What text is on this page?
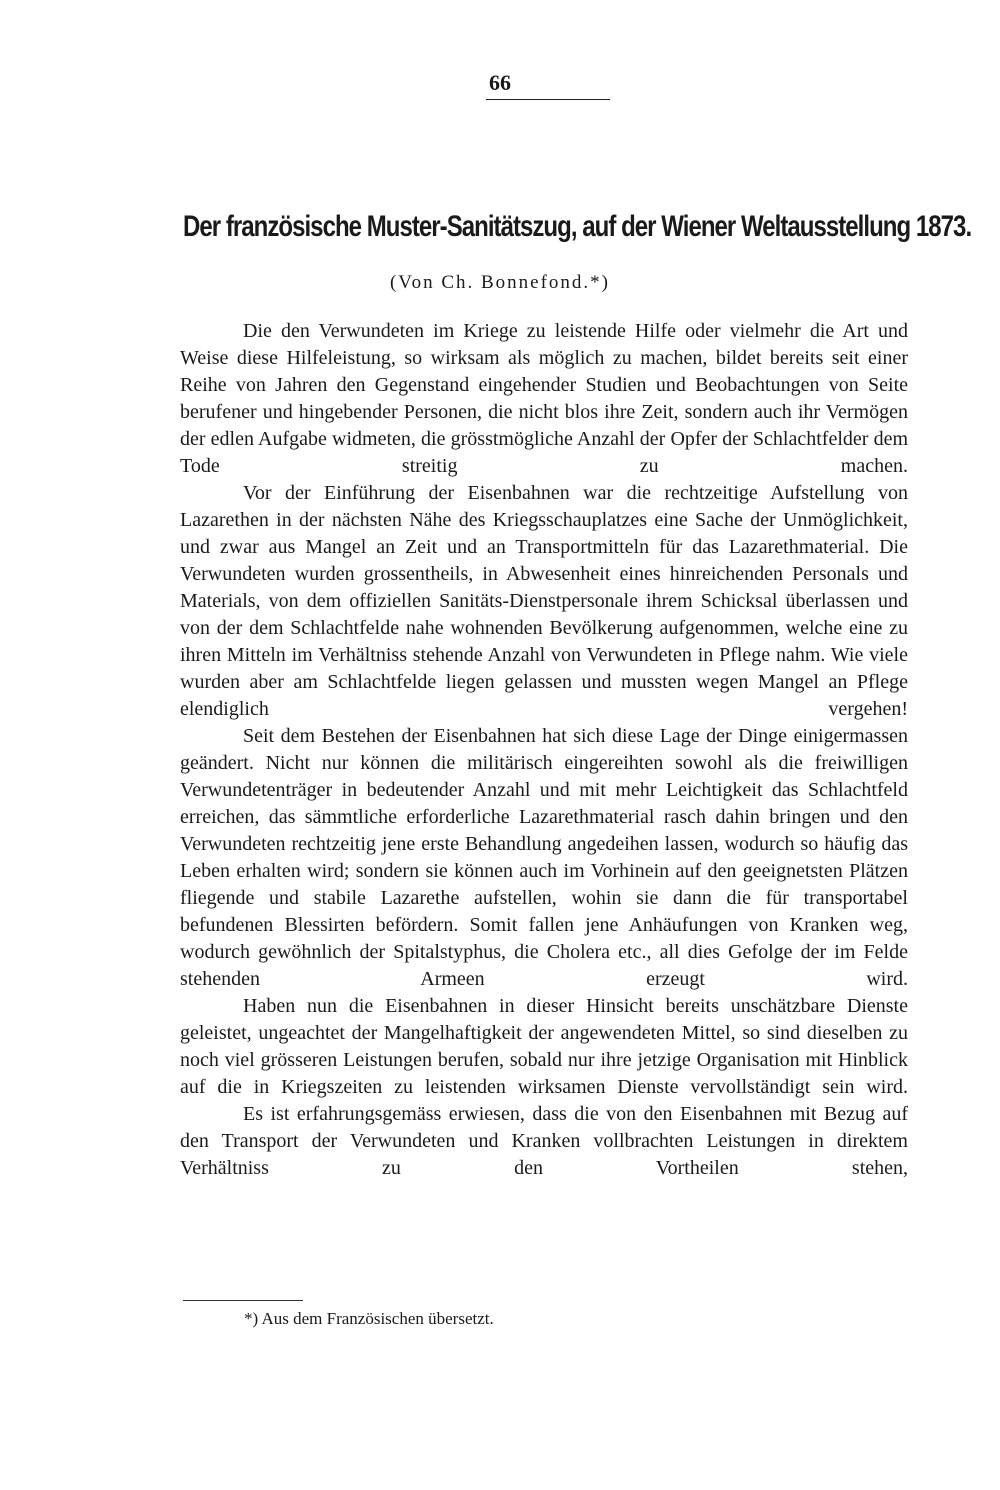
66
Der französische Muster-Sanitätszug, auf der Wiener Weltausstellung 1873.
(Von Ch. Bonnefond.*)

Die den Verwundeten im Kriege zu leistende Hilfe oder vielmehr die Art und Weise diese Hilfeleistung, so wirksam als möglich zu machen, bildet bereits seit einer Reihe von Jahren den Gegenstand eingehender Studien und Beobachtungen von Seite berufener und hingebender Personen, die nicht blos ihre Zeit, sondern auch ihr Vermögen der edlen Aufgabe widmeten, die grösstmögliche Anzahl der Opfer der Schlachtfelder dem Tode streitig zu machen.

Vor der Einführung der Eisenbahnen war die rechtzeitige Aufstellung von Lazarethen in der nächsten Nähe des Kriegsschauplatzes eine Sache der Unmöglichkeit, und zwar aus Mangel an Zeit und an Transportmitteln für das Lazarethmaterial. Die Verwundeten wurden grossentheils, in Abwesenheit eines hinreichenden Personals und Materials, von dem offiziellen Sanitäts-Dienstpersonale ihrem Schicksal überlassen und von der dem Schlachtfelde nahe wohnenden Bevölkerung aufgenommen, welche eine zu ihren Mitteln im Verhältniss stehende Anzahl von Verwundeten in Pflege nahm. Wie viele wurden aber am Schlachtfelde liegen gelassen und mussten wegen Mangel an Pflege elendiglich vergehen!

Seit dem Bestehen der Eisenbahnen hat sich diese Lage der Dinge einigermassen geändert. Nicht nur können die militärisch eingereihten sowohl als die freiwilligen Verwundetenträger in bedeutender Anzahl und mit mehr Leichtigkeit das Schlachtfeld erreichen, das sämmtliche erforderliche Lazarethmaterial rasch dahin bringen und den Verwundeten rechtzeitig jene erste Behandlung angedeihen lassen, wodurch so häufig das Leben erhalten wird; sondern sie können auch im Vorhinein auf den geeignetsten Plätzen fliegende und stabile Lazarethe aufstellen, wohin sie dann die für transportabel befundenen Blessirten befördern. Somit fallen jene Anhäufungen von Kranken weg, wodurch gewöhnlich der Spitalstyphus, die Cholera etc., all dies Gefolge der im Felde stehenden Armeen erzeugt wird.

Haben nun die Eisenbahnen in dieser Hinsicht bereits unschätzbare Dienste geleistet, ungeachtet der Mangelhaftigkeit der angewendeten Mittel, so sind dieselben zu noch viel grösseren Leistungen berufen, sobald nur ihre jetzige Organisation mit Hinblick auf die in Kriegszeiten zu leistenden wirksamen Dienste vervollständigt sein wird.

Es ist erfahrungsgemäss erwiesen, dass die von den Eisenbahnen mit Bezug auf den Transport der Verwundeten und Kranken vollbrachten Leistungen in direktem Verhältniss zu den Vortheilen stehen,

*) Aus dem Französischen übersetzt.
